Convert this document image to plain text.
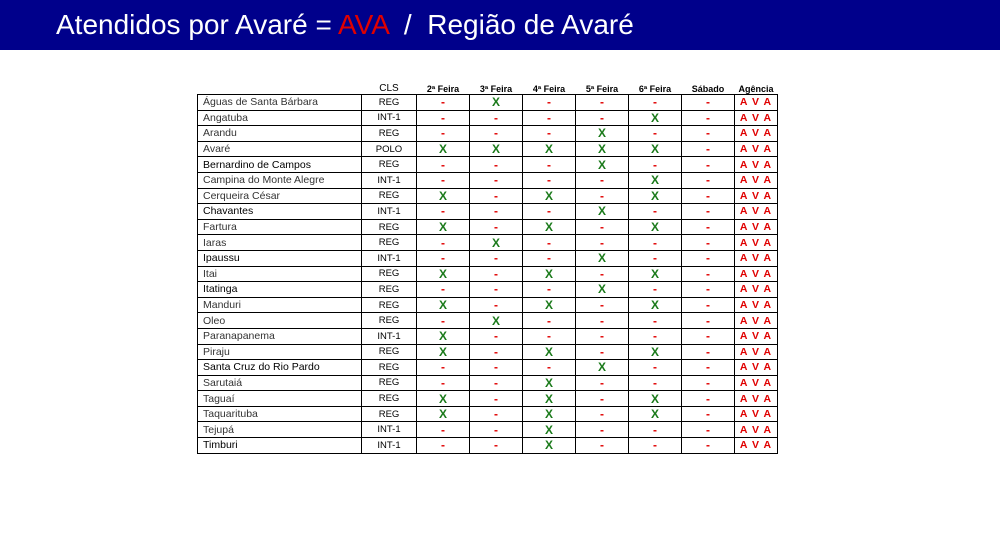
Atendidos por Avaré = AVA  /  Região de Avaré
	CLS	2ª Feira	3ª Feira	4ª Feira	5ª Feira	6ª Feira	Sábado	Agência
Águas de Santa Bárbara	REG	-	X	-	-	-	-	A V A
Angatuba	INT-1	-	-	-	-	X	-	A V A
Arandu	REG	-	-	-	X	-	-	A V A
Avaré	POLO	X	X	X	X	X	-	A V A
Bernardino de Campos	REG	-	-	-	X	-	-	A V A
Campina do Monte Alegre	INT-1	-	-	-	-	X	-	A V A
Cerqueira César	REG	X	-	X	-	X	-	A V A
Chavantes	INT-1	-	-	-	X	-	-	A V A
Fartura	REG	X	-	X	-	X	-	A V A
Iaras	REG	-	X	-	-	-	-	A V A
Ipaussu	INT-1	-	-	-	X	-	-	A V A
Itai	REG	X	-	X	-	X	-	A V A
Itatinga	REG	-	-	-	X	-	-	A V A
Manduri	REG	X	-	X	-	X	-	A V A
Oleo	REG	-	X	-	-	-	-	A V A
Paranapanema	INT-1	X	-	-	-	-	-	A V A
Piraju	REG	X	-	X	-	X	-	A V A
Santa Cruz do Rio Pardo	REG	-	-	-	X	-	-	A V A
Sarutaiá	REG	-	-	X	-	-	-	A V A
Taguaí	REG	X	-	X	-	X	-	A V A
Taquarituba	REG	X	-	X	-	X	-	A V A
Tejupá	INT-1	-	-	X	-	-	-	A V A
Timburi	INT-1	-	-	X	-	-	-	A V A
